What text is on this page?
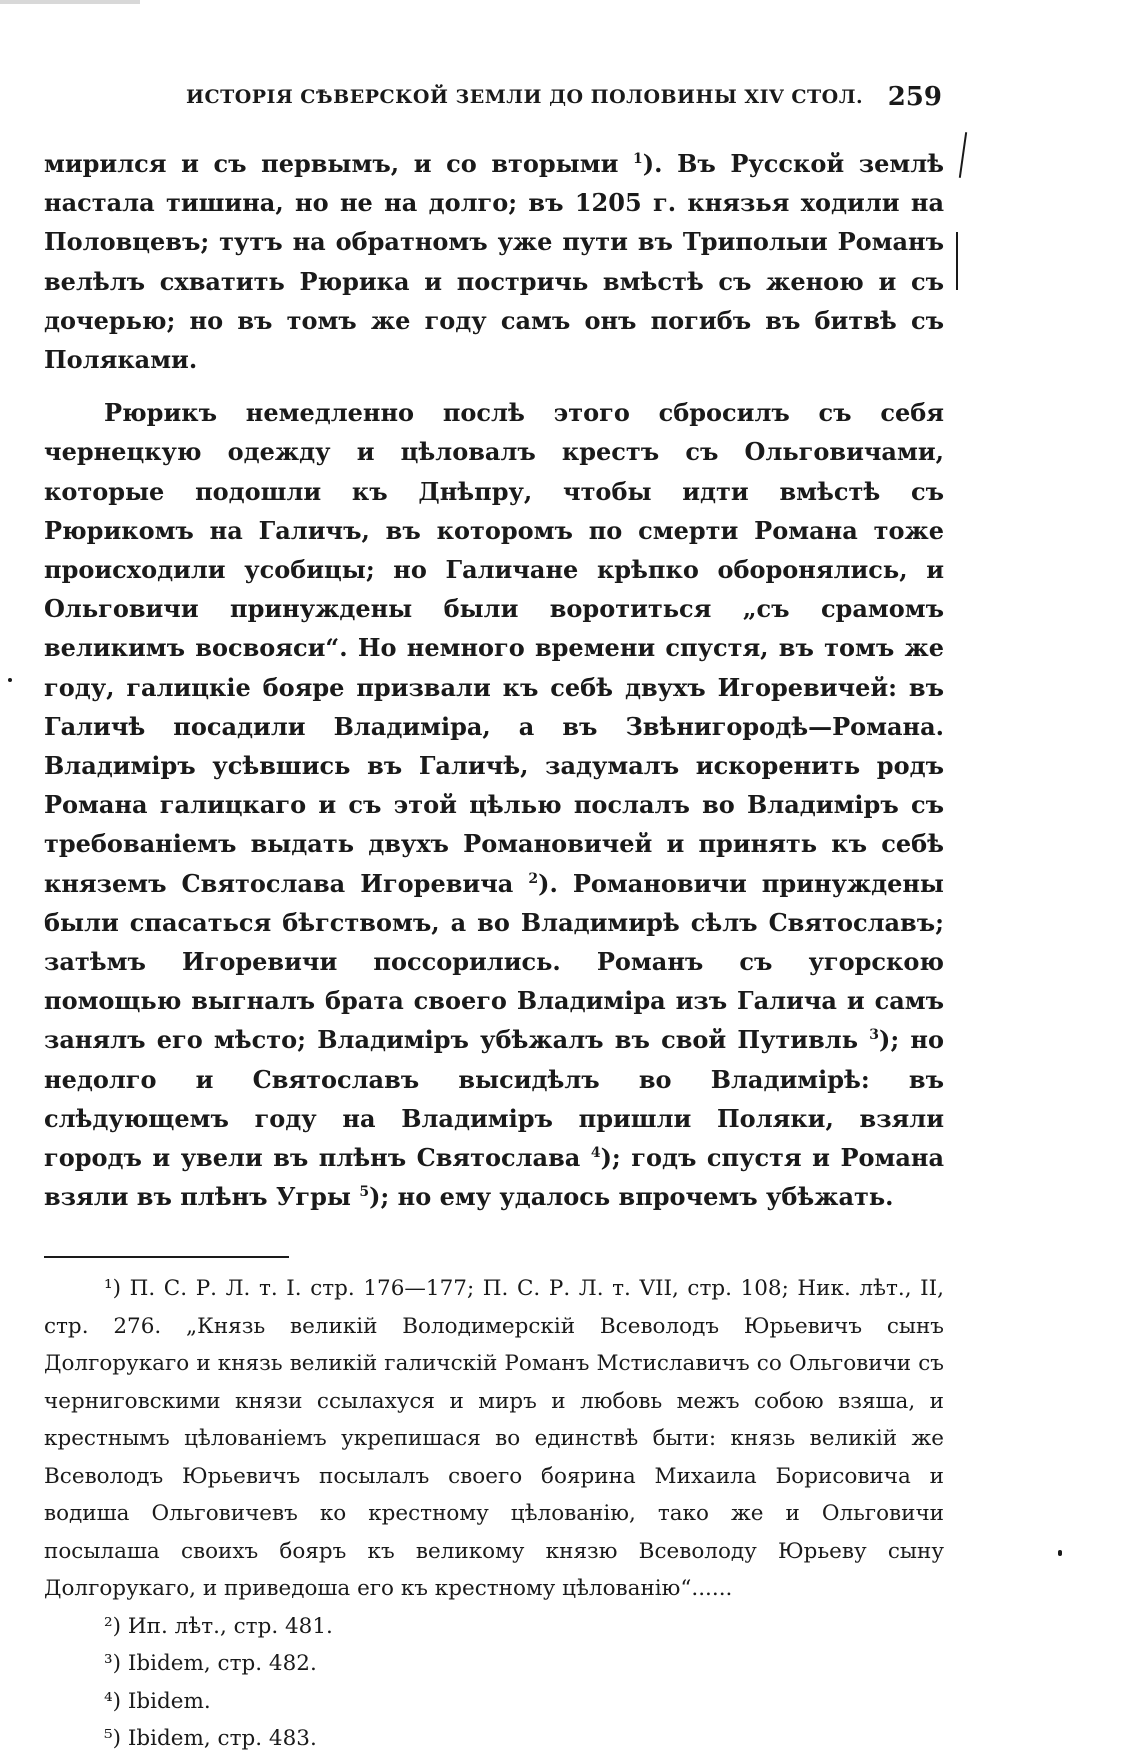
ИСТОРІЯ СѢВЕРСКОЙ ЗЕМЛИ ДО ПОЛОВИНЫ XIV СТОЛ. 259

мирился и съ первымъ, и со вторыми $^1$). Въ Русской землѣ настала тишина, но не на долго; въ 1205 г. князья ходили на Половцевъ; тутъ на обратномъ уже пути въ Триполыи Романъ велѣлъ схватить Рюрика и постричь вмѣстѣ съ женою и съ дочерью; но въ томъ же году самъ онъ погибъ въ битвѣ съ Поляками.

Рюрикъ немедленно послѣ этого сбросилъ съ себя чернецкую одежду и цѣловалъ крестъ съ Ольговичами, которые подошли къ Днѣпру, чтобы идти вмѣстѣ съ Рюрикомъ на Галичъ, въ которомъ по смерти Романа тоже происходили усобицы; но Галичане крѣпко оборонялись, и Ольговичи принуждены были воротиться „съ срамомъ великимъ восвояси“. Но немного времени спустя, въ томъ же году, галицкіе бояре призвали къ себѣ двухъ Игоревичей: въ Галичѣ посадили Владиміра, а въ Звѣнигородѣ—Романа. Владиміръ усѣвшись въ Галичѣ, задумалъ искоренить родъ Романа галицкаго и съ этой цѣлью послалъ во Владиміръ съ требованіемъ выдать двухъ Романовичей и принять къ себѣ княземъ Святослава Игоревича $^2$). Романовичи принуждены были спасаться бѣгствомъ, а во Владимирѣ сѣлъ Святославъ; затѣмъ Игоревичи поссорились. Романъ съ угорскою помощью выгналъ брата своего Владиміра изъ Галича и самъ занялъ его мѣсто; Владиміръ убѣжалъ въ свой Путивль $^3$); но недолго и Святославъ высидѣлъ во Владимірѣ: въ слѣдующемъ году на Владиміръ пришли Поляки, взяли городъ и увели въ плѣнъ Святослава $^4$); годъ спустя и Романа взяли въ плѣнъ Угры $^5$); но ему удалось впрочемъ убѣжать.

¹) П. С. Р. Л. т. I. стр. 176—177; П. С. Р. Л. т. VII, стр. 108; Ник. лѣт., II, стр. 276. „Князь великій Володимерскій Всеволодъ Юрьевичъ сынъ Долгорукаго и князь великій галичскій Романъ Мстиславичъ со Ольговичи съ черниговскими князи ссылахуся и миръ и любовь межъ собою взяша, и крестнымъ цѣлованіемъ укрепишася во единствѣ быти: князь великій же Всеволодъ Юрьевичъ посылалъ своего боярина Михаила Борисовича и водиша Ольговичевъ ко крестному цѣлованію, тако же и Ольговичи посылаша своихъ бояръ къ великому князю Всеволоду Юрьеву сыну Долгорукаго, и приведоша его къ крестному цѣлованію“......

²) Ип. лѣт., стр. 481.

³) Ibidem, стр. 482.

⁴) Ibidem.

⁵) Ibidem, стр. 483.
